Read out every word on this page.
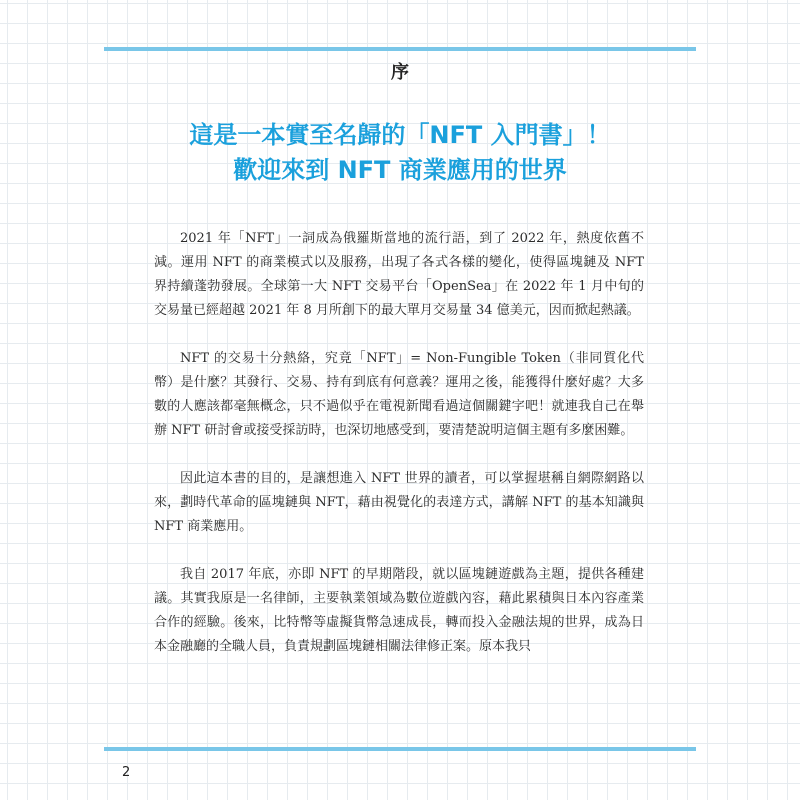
序
這是一本實至名歸的「NFT 入門書」！
歡迎來到 NFT 商業應用的世界

2021 年「NFT」一詞成為俄羅斯當地的流行語，到了 2022 年，熱度依舊不減。運用 NFT 的商業模式以及服務，出現了各式各樣的變化，使得區塊鏈及 NFT 界持續蓬勃發展。全球第一大 NFT 交易平台「OpenSea」在 2022 年 1 月中旬的交易量已經超越 2021 年 8 月所創下的最大單月交易量 34 億美元，因而掀起熱議。

NFT 的交易十分熱絡，究竟「NFT」= Non-Fungible Token（非同質化代幣）是什麼？其發行、交易、持有到底有何意義？運用之後，能獲得什麼好處？大多數的人應該都毫無概念，只不過似乎在電視新聞看過這個關鍵字吧！就連我自己在舉辦 NFT 研討會或接受採訪時，也深切地感受到，要清楚說明這個主題有多麼困難。

因此這本書的目的，是讓想進入 NFT 世界的讀者，可以掌握堪稱自網際網路以來，劃時代革命的區塊鏈與 NFT，藉由視覺化的表達方式，講解 NFT 的基本知識與 NFT 商業應用。

我自 2017 年底，亦即 NFT 的早期階段，就以區塊鏈遊戲為主題，提供各種建議。其實我原是一名律師，主要執業領域為數位遊戲內容，藉此累積與日本內容產業合作的經驗。後來，比特幣等虛擬貨幣急速成長，轉而投入金融法規的世界，成為日本金融廳的全職人員，負責規劃區塊鏈相關法律修正案。原本我只

2
